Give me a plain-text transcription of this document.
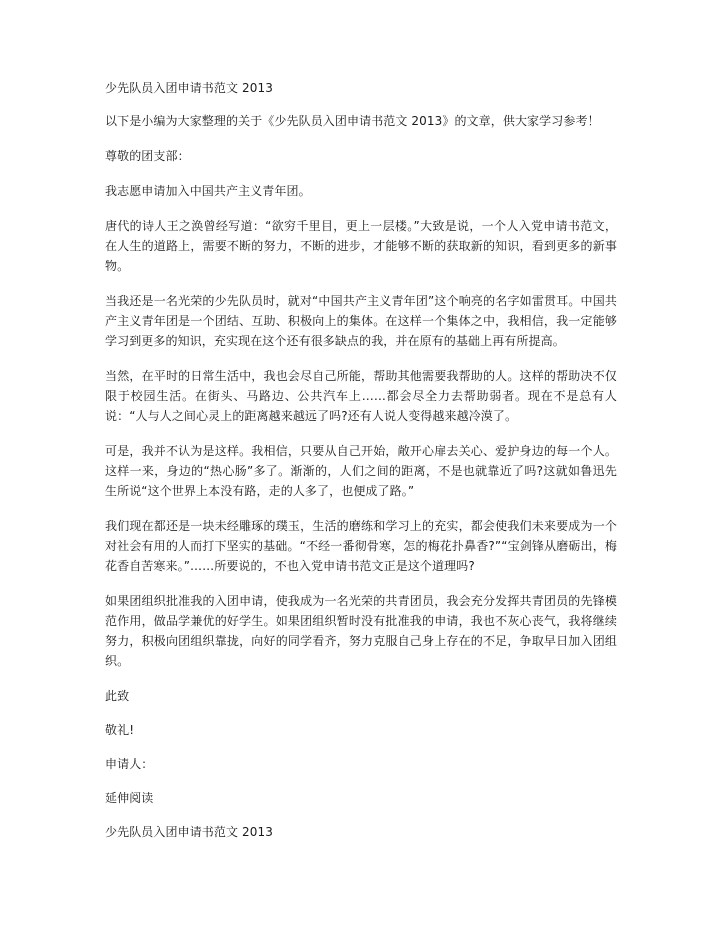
少先队员入团申请书范文 2013

以下是小编为大家整理的关于《少先队员入团申请书范文 2013》的文章，供大家学习参考！

尊敬的团支部：

我志愿申请加入中国共产主义青年团。

唐代的诗人王之涣曾经写道：“欲穷千里目，更上一层楼。”大致是说，一个人入党申请书范文，在人生的道路上，需要不断的努力，不断的进步，才能够不断的获取新的知识，看到更多的新事物。

当我还是一名光荣的少先队员时，就对“中国共产主义青年团”这个响亮的名字如雷贯耳。中国共产主义青年团是一个团结、互助、积极向上的集体。在这样一个集体之中，我相信，我一定能够学习到更多的知识，充实现在这个还有很多缺点的我，并在原有的基础上再有所提高。

当然，在平时的日常生活中，我也会尽自己所能，帮助其他需要我帮助的人。这样的帮助决不仅限于校园生活。在街头、马路边、公共汽车上……都会尽全力去帮助弱者。现在不是总有人说：“人与人之间心灵上的距离越来越远了吗?还有人说人变得越来越冷漠了。

可是，我并不认为是这样。我相信，只要从自己开始，敞开心扉去关心、爱护身边的每一个人。这样一来，身边的“热心肠”多了。渐渐的，人们之间的距离，不是也就靠近了吗?这就如鲁迅先生所说“这个世界上本没有路，走的人多了，也便成了路。”

我们现在都还是一块未经雕琢的璞玉，生活的磨练和学习上的充实，都会使我们未来要成为一个对社会有用的人而打下坚实的基础。“不经一番彻骨寒，怎的梅花扑鼻香?”“宝剑锋从磨砺出，梅花香自苦寒来。”……所要说的，不也入党申请书范文正是这个道理吗?

如果团组织批准我的入团申请，使我成为一名光荣的共青团员，我会充分发挥共青团员的先锋模范作用，做品学兼优的好学生。如果团组织暂时没有批准我的申请，我也不灰心丧气，我将继续努力，积极向团组织靠拢，向好的同学看齐，努力克服自己身上存在的不足，争取早日加入团组织。

此致

敬礼!

申请人：

延伸阅读

少先队员入团申请书范文 2013
